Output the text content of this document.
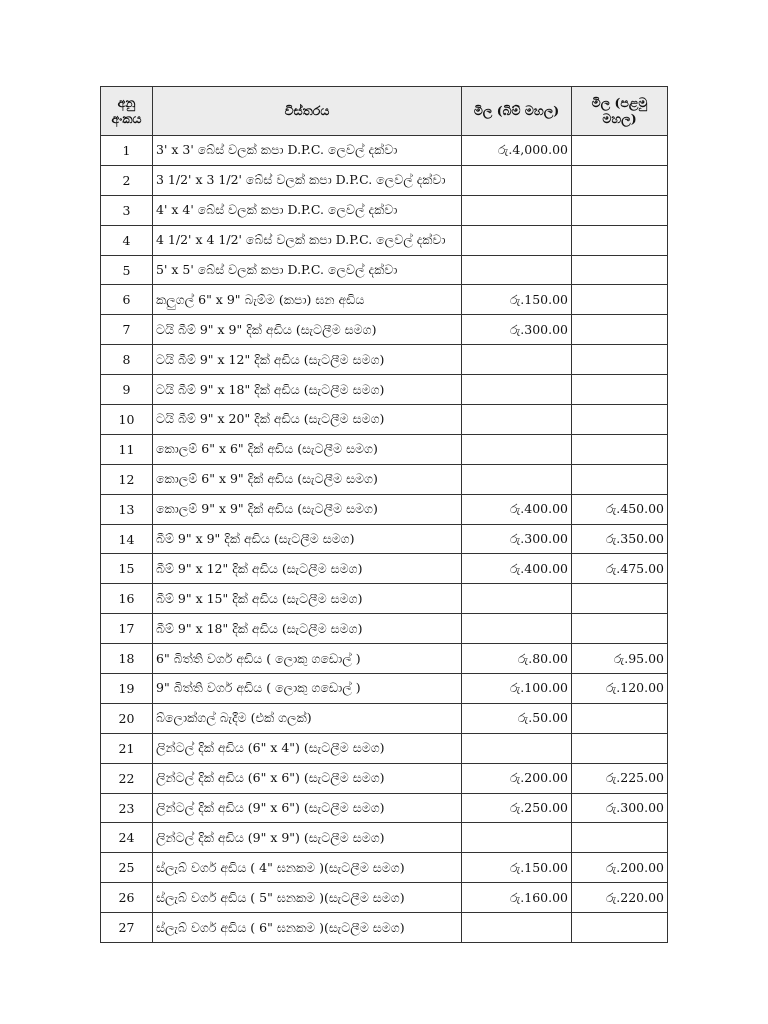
අනු අංකය	විස්තරය	මිල (බිම් මහල)	මිල (පළමු මහල)
1	3' x 3' බේස් වලක් කපා D.P.C. ලෙවල් දක්වා	රු.4,000.00	
2	3 1/2' x 3 1/2' බේස් වලක් කපා D.P.C. ලෙවල් දක්වා		
3	4' x 4' බේස් වලක් කපා D.P.C. ලෙවල් දක්වා		
4	4 1/2' x 4 1/2' බේස් වලක් කපා D.P.C. ලෙවල් දක්වා		
5	5' x 5' බේස් වලක් කපා D.P.C. ලෙවල් දක්වා		
6	කලුගල් 6" x 9" බැම්ම (කපා) ඝන අඩිය	රු.150.00	
7	ටයි බීම් 9" x 9" දික් අඩිය (සැටලීම සමග)	රු.300.00	
8	ටයි බීම් 9" x 12" දික් අඩිය (සැටලීම සමග)		
9	ටයි බීම් 9" x 18" දික් අඩිය (සැටලීම සමග)		
10	ටයි බීම් 9" x 20" දික් අඩිය (සැටලීම සමග)		
11	කොලම් 6" x 6" දික් අඩිය (සැටලීම සමග)		
12	කොලම් 6" x 9" දික් අඩිය (සැටලීම සමග)		
13	කොලම් 9" x 9" දික් අඩිය (සැටලීම සමග)	රු.400.00	රු.450.00
14	බීම් 9" x 9" දික් අඩිය (සැටලීම සමග)	රු.300.00	රු.350.00
15	බීම් 9" x 12" දික් අඩිය (සැටලීම සමග)	රු.400.00	රු.475.00
16	බීම් 9" x 15" දික් අඩිය (සැටලීම සමග)		
17	බීම් 9" x 18" දික් අඩිය (සැටලීම සමග)		
18	6" බිත්ති වර්ග අඩිය ( ලොකු ගඩොල් )	රු.80.00	රු.95.00
19	9" බිත්ති වර්ග අඩිය ( ලොකු ගඩොල් )	රු.100.00	රු.120.00
20	බ්ලොක්ගල් බැදීම (එක් ගලක්)	රු.50.00	
21	ලින්ටල් දික් අඩිය (6" x 4") (සැටලීම සමග)		
22	ලින්ටල් දික් අඩිය (6" x 6") (සැටලීම සමග)	රු.200.00	රු.225.00
23	ලින්ටල් දික් අඩිය (9" x 6") (සැටලීම සමග)	රු.250.00	රු.300.00
24	ලින්ටල් දික් අඩිය (9" x 9") (සැටලීම සමග)		
25	ස්ලැබ් වර්ග අඩිය ( 4" ඝනකම )(සැටලීම සමග)	රු.150.00	රු.200.00
26	ස්ලැබ් වර්ග අඩිය ( 5" ඝනකම )(සැටලීම සමග)	රු.160.00	රු.220.00
27	ස්ලැබ් වර්ග අඩිය ( 6" ඝනකම )(සැටලීම සමග)		
